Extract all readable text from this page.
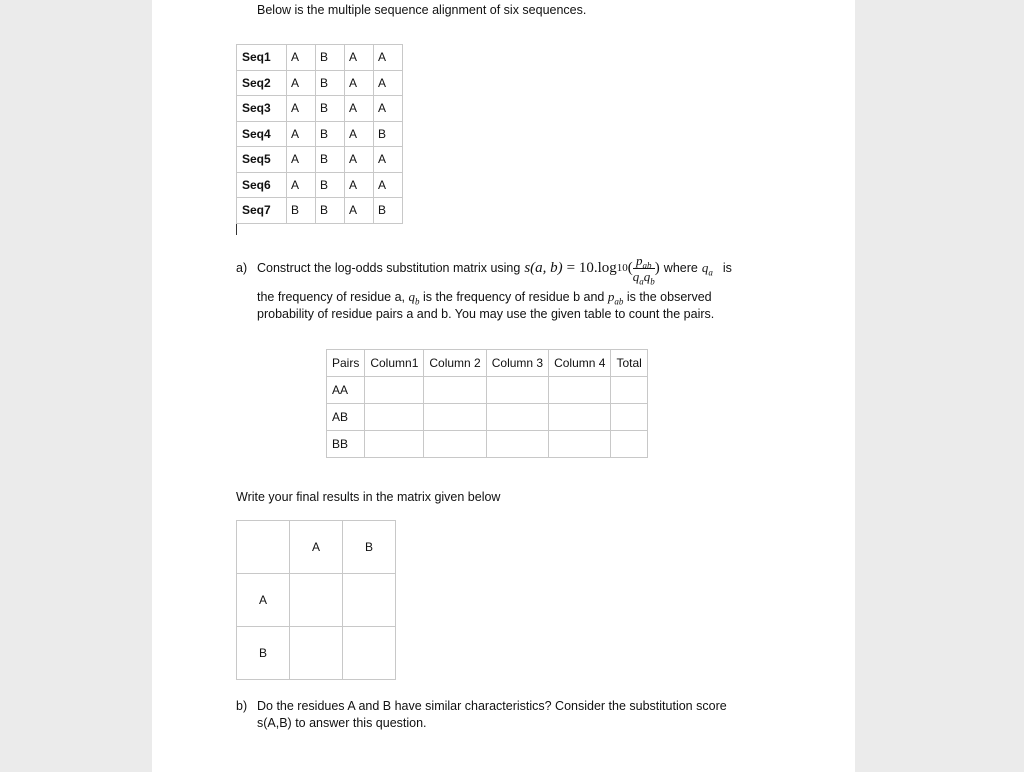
Below is the multiple sequence alignment of six sequences.
Seq1	A	B	A	A
Seq2	A	B	A	A
Seq3	A	B	A	A
Seq4	A	B	A	B
Seq5	A	B	A	A
Seq6	A	B	A	A
Seq7	B	B	A	B
a) Construct the log-odds substitution matrix using s(a, b) = 10.log 10 ( $\frac{p_{ab}}{q_aq_b}$ ) where $q_a$ is
the frequency of residue a, $q_b$ is the frequency of residue b and $p_{ab}$ is the observed
probability of residue pairs a and b. You may use the given table to count the pairs.
Pairs	Column1	Column 2	Column 3	Column 4	Total
AA					
AB					
BB					
Write your final results in the matrix given below
	A	B
A		
B		
b) Do the residues A and B have similar characteristics? Consider the substitution score
s(A,B) to answer this question.
